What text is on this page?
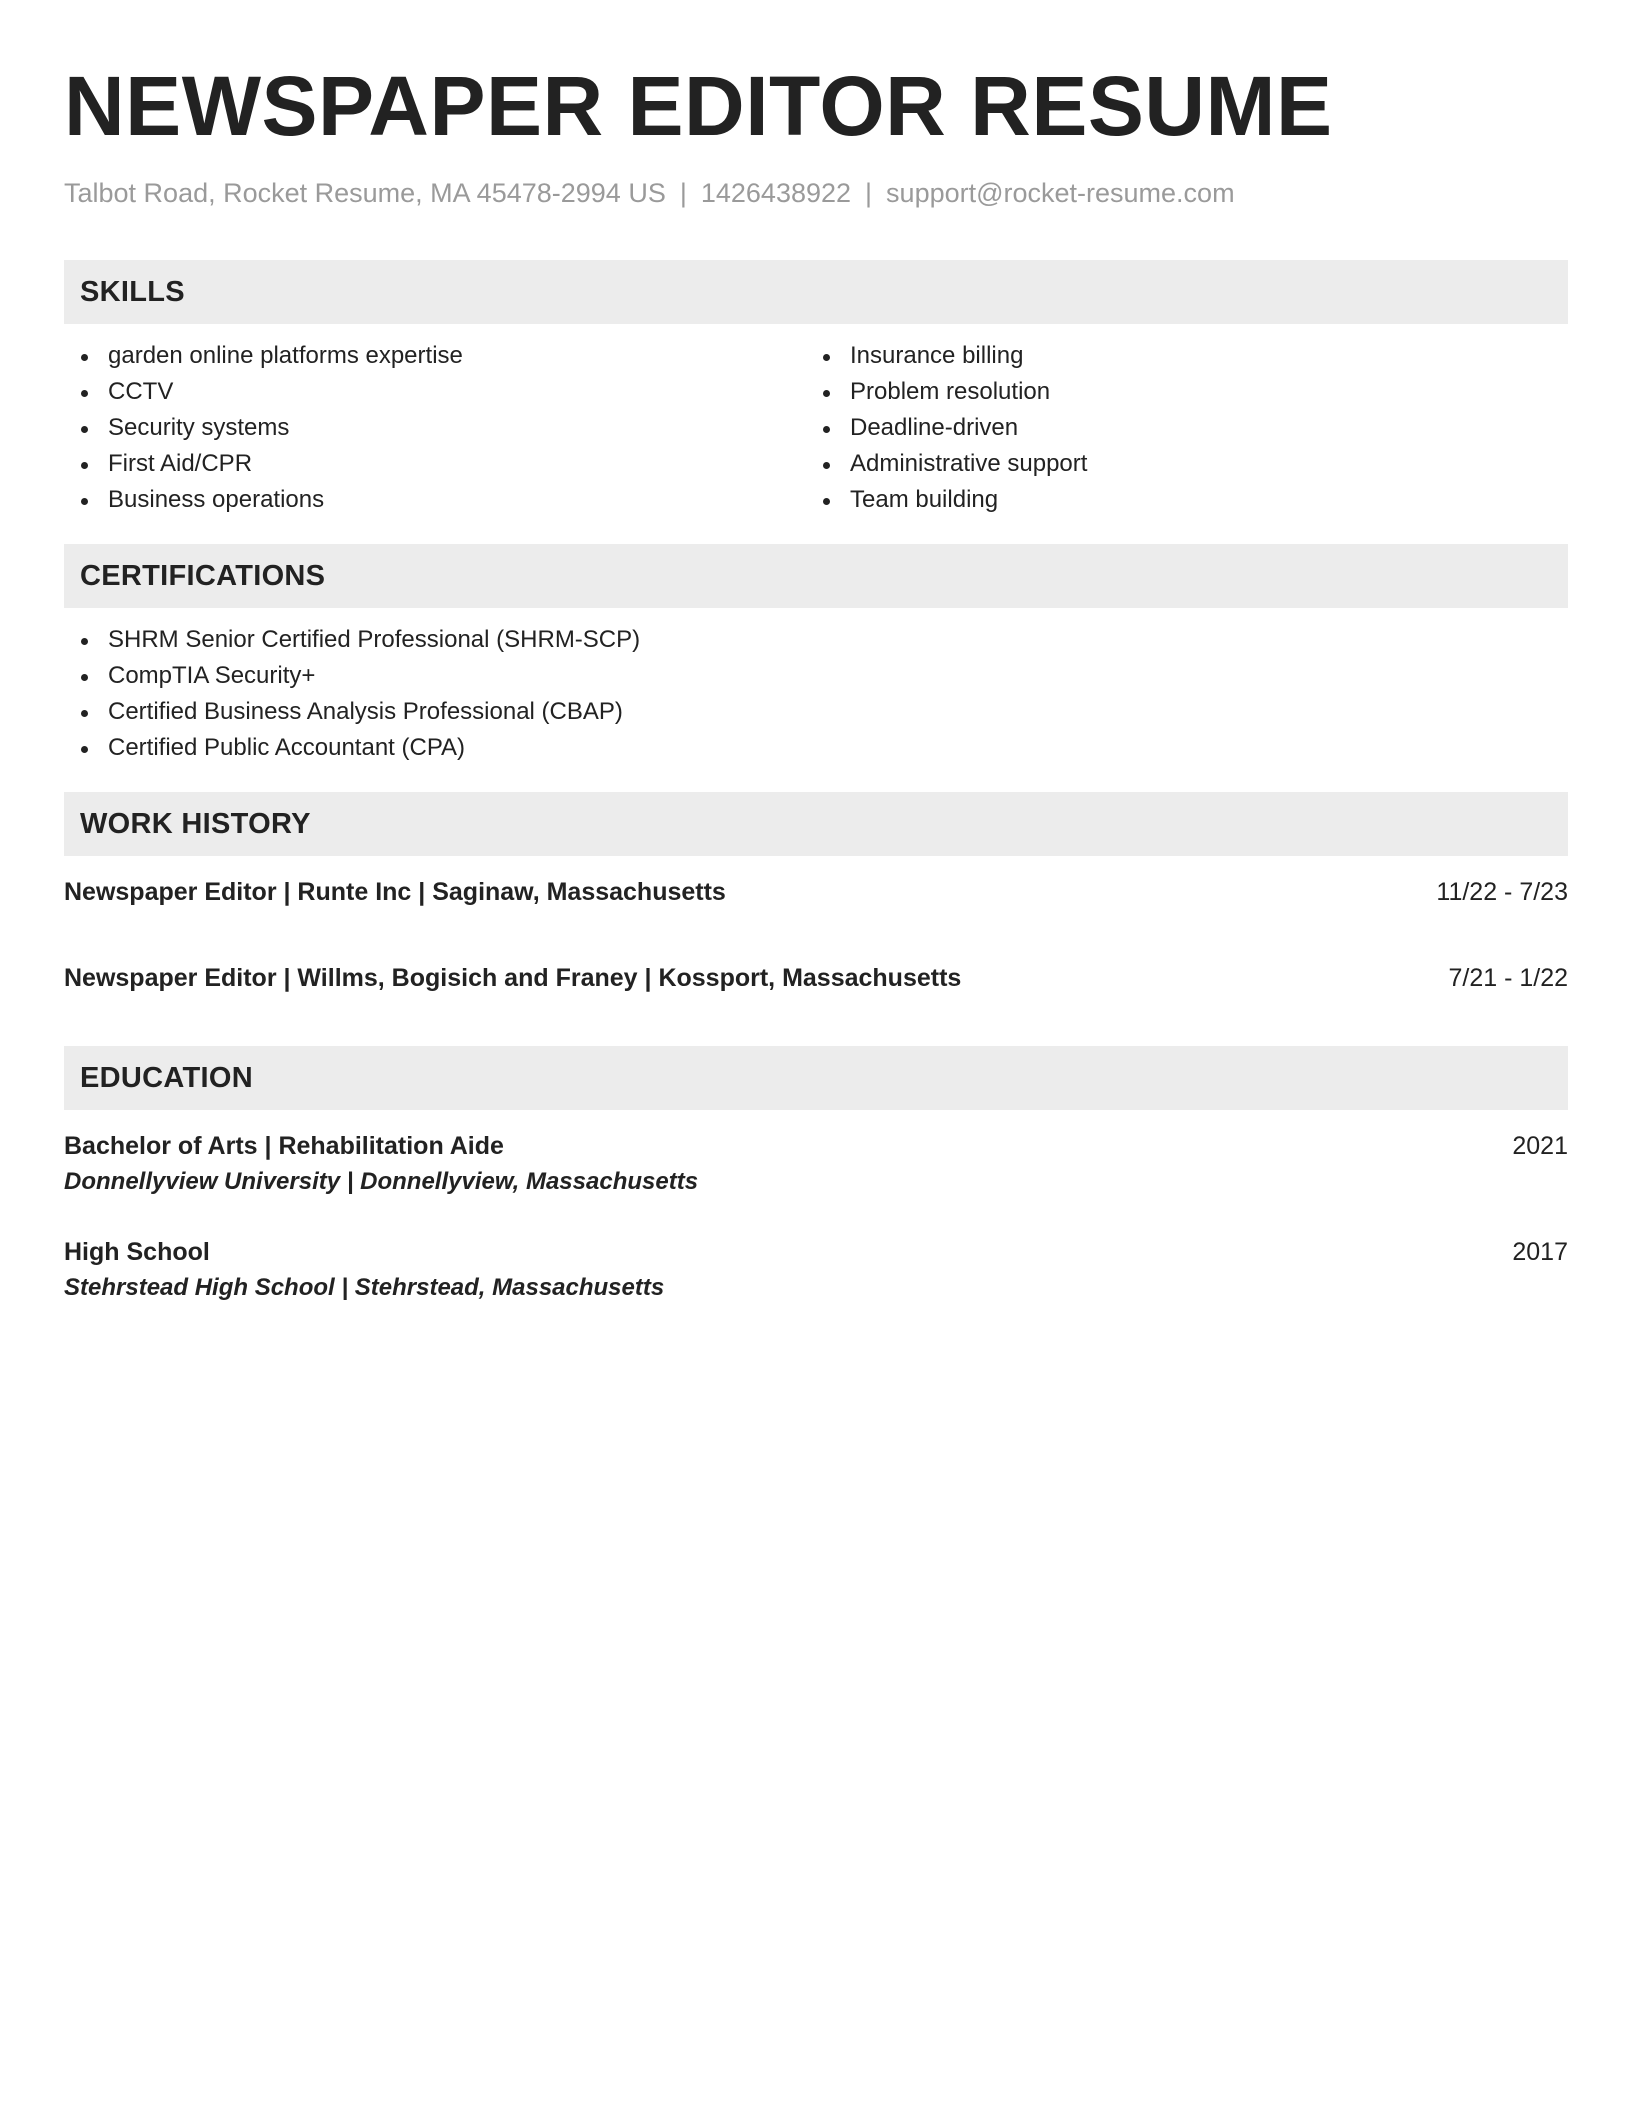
NEWSPAPER EDITOR RESUME
Talbot Road, Rocket Resume, MA 45478-2994 US | 1426438922 | support@rocket-resume.com
SKILLS
garden online platforms expertise
CCTV
Security systems
First Aid/CPR
Business operations
Insurance billing
Problem resolution
Deadline-driven
Administrative support
Team building
CERTIFICATIONS
SHRM Senior Certified Professional (SHRM-SCP)
CompTIA Security+
Certified Business Analysis Professional (CBAP)
Certified Public Accountant (CPA)
WORK HISTORY
Newspaper Editor | Runte Inc | Saginaw, Massachusetts	11/22 - 7/23
Newspaper Editor | Willms, Bogisich and Franey | Kossport, Massachusetts	7/21 - 1/22
EDUCATION
Bachelor of Arts | Rehabilitation Aide	2021
Donnellyview University | Donnellyview, Massachusetts
High School	2017
Stehrstead High School | Stehrstead, Massachusetts
